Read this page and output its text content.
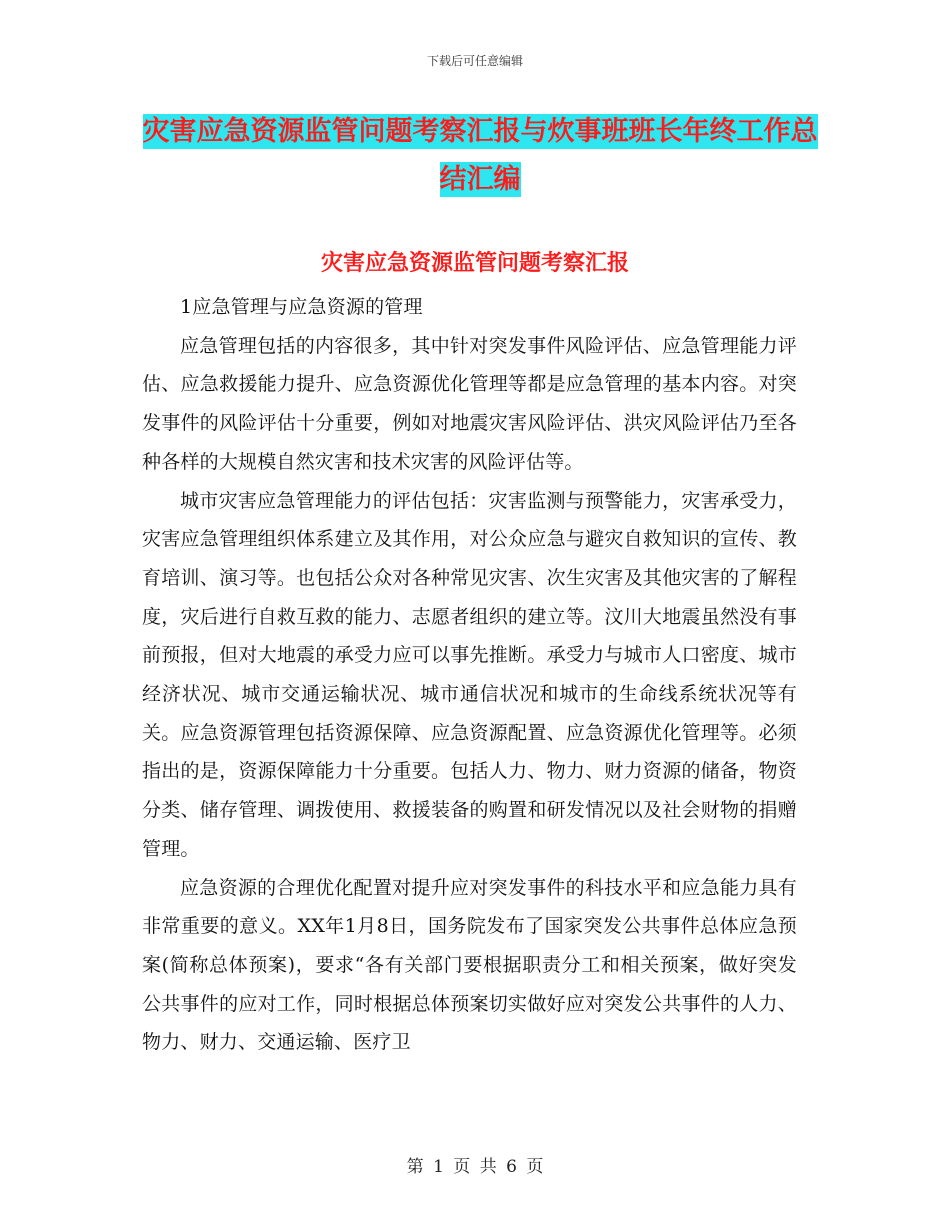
下载后可任意编辑
灾害应急资源监管问题考察汇报与炊事班班长年终工作总结汇编
灾害应急资源监管问题考察汇报

1应急管理与应急资源的管理

应急管理包括的内容很多，其中针对突发事件风险评估、应急管理能力评估、应急救援能力提升、应急资源优化管理等都是应急管理的基本内容。对突发事件的风险评估十分重要，例如对地震灾害风险评估、洪灾风险评估乃至各种各样的大规模自然灾害和技术灾害的风险评估等。

城市灾害应急管理能力的评估包括：灾害监测与预警能力，灾害承受力，灾害应急管理组织体系建立及其作用，对公众应急与避灾自救知识的宣传、教育培训、演习等。也包括公众对各种常见灾害、次生灾害及其他灾害的了解程度，灾后进行自救互救的能力、志愿者组织的建立等。汶川大地震虽然没有事前预报，但对大地震的承受力应可以事先推断。承受力与城市人口密度、城市经济状况、城市交通运输状况、城市通信状况和城市的生命线系统状况等有关。应急资源管理包括资源保障、应急资源配置、应急资源优化管理等。必须指出的是，资源保障能力十分重要。包括人力、物力、财力资源的储备，物资分类、储存管理、调拨使用、救援装备的购置和研发情况以及社会财物的捐赠管理。

应急资源的合理优化配置对提升应对突发事件的科技水平和应急能力具有非常重要的意义。XX年1月8日，国务院发布了国家突发公共事件总体应急预案(简称总体预案)，要求“各有关部门要根据职责分工和相关预案，做好突发公共事件的应对工作，同时根据总体预案切实做好应对突发公共事件的人力、物力、财力、交通运输、医疗卫

第 1 页 共 6 页
